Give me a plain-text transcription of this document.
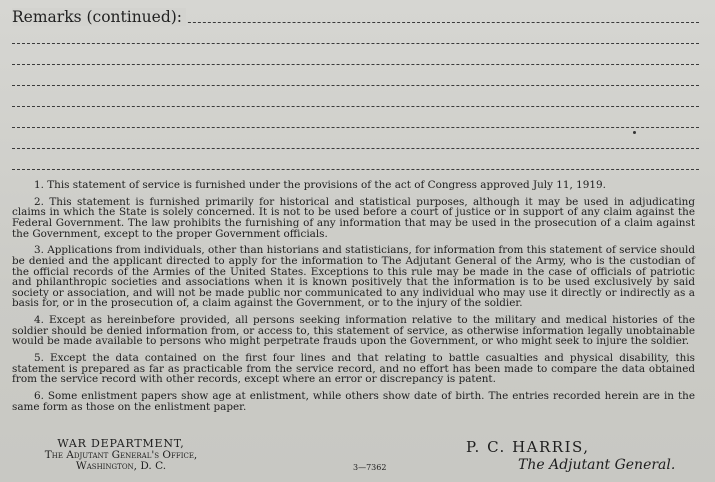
Remarks (continued):

1. This statement of service is furnished under the provisions of the act of Congress approved July 11, 1919.

2. This statement is furnished primarily for historical and statistical purposes, although it may be used in adjudicating claims in which the State is solely concerned. It is not to be used before a court of justice or in support of any claim against the Federal Government. The law prohibits the furnishing of any information that may be used in the prosecution of a claim against the Government, except to the proper Government officials.

3. Applications from individuals, other than historians and statisticians, for information from this statement of service should be denied and the applicant directed to apply for the information to The Adjutant General of the Army, who is the custodian of the official records of the Armies of the United States. Exceptions to this rule may be made in the case of officials of patriotic and philanthropic societies and associations when it is known positively that the information is to be used exclusively by said society or association, and will not be made public nor communicated to any individual who may use it directly or indirectly as a basis for, or in the prosecution of, a claim against the Government, or to the injury of the soldier.

4. Except as hereinbefore provided, all persons seeking information relative to the military and medical histories of the soldier should be denied information from, or access to, this statement of service, as otherwise information legally unobtainable would be made available to persons who might perpetrate frauds upon the Government, or who might seek to injure the soldier.

5. Except the data contained on the first four lines and that relating to battle casualties and physical disability, this statement is prepared as far as practicable from the service record, and no effort has been made to compare the data obtained from the service record with other records, except where an error or discrepancy is patent.

6. Some enlistment papers show age at enlistment, while others show date of birth. The entries recorded herein are in the same form as those on the enlistment paper.

WAR DEPARTMENT,
The Adjutant General's Office,
Washington, D. C.	3—7362
P. C. HARRIS,
The Adjutant General.
